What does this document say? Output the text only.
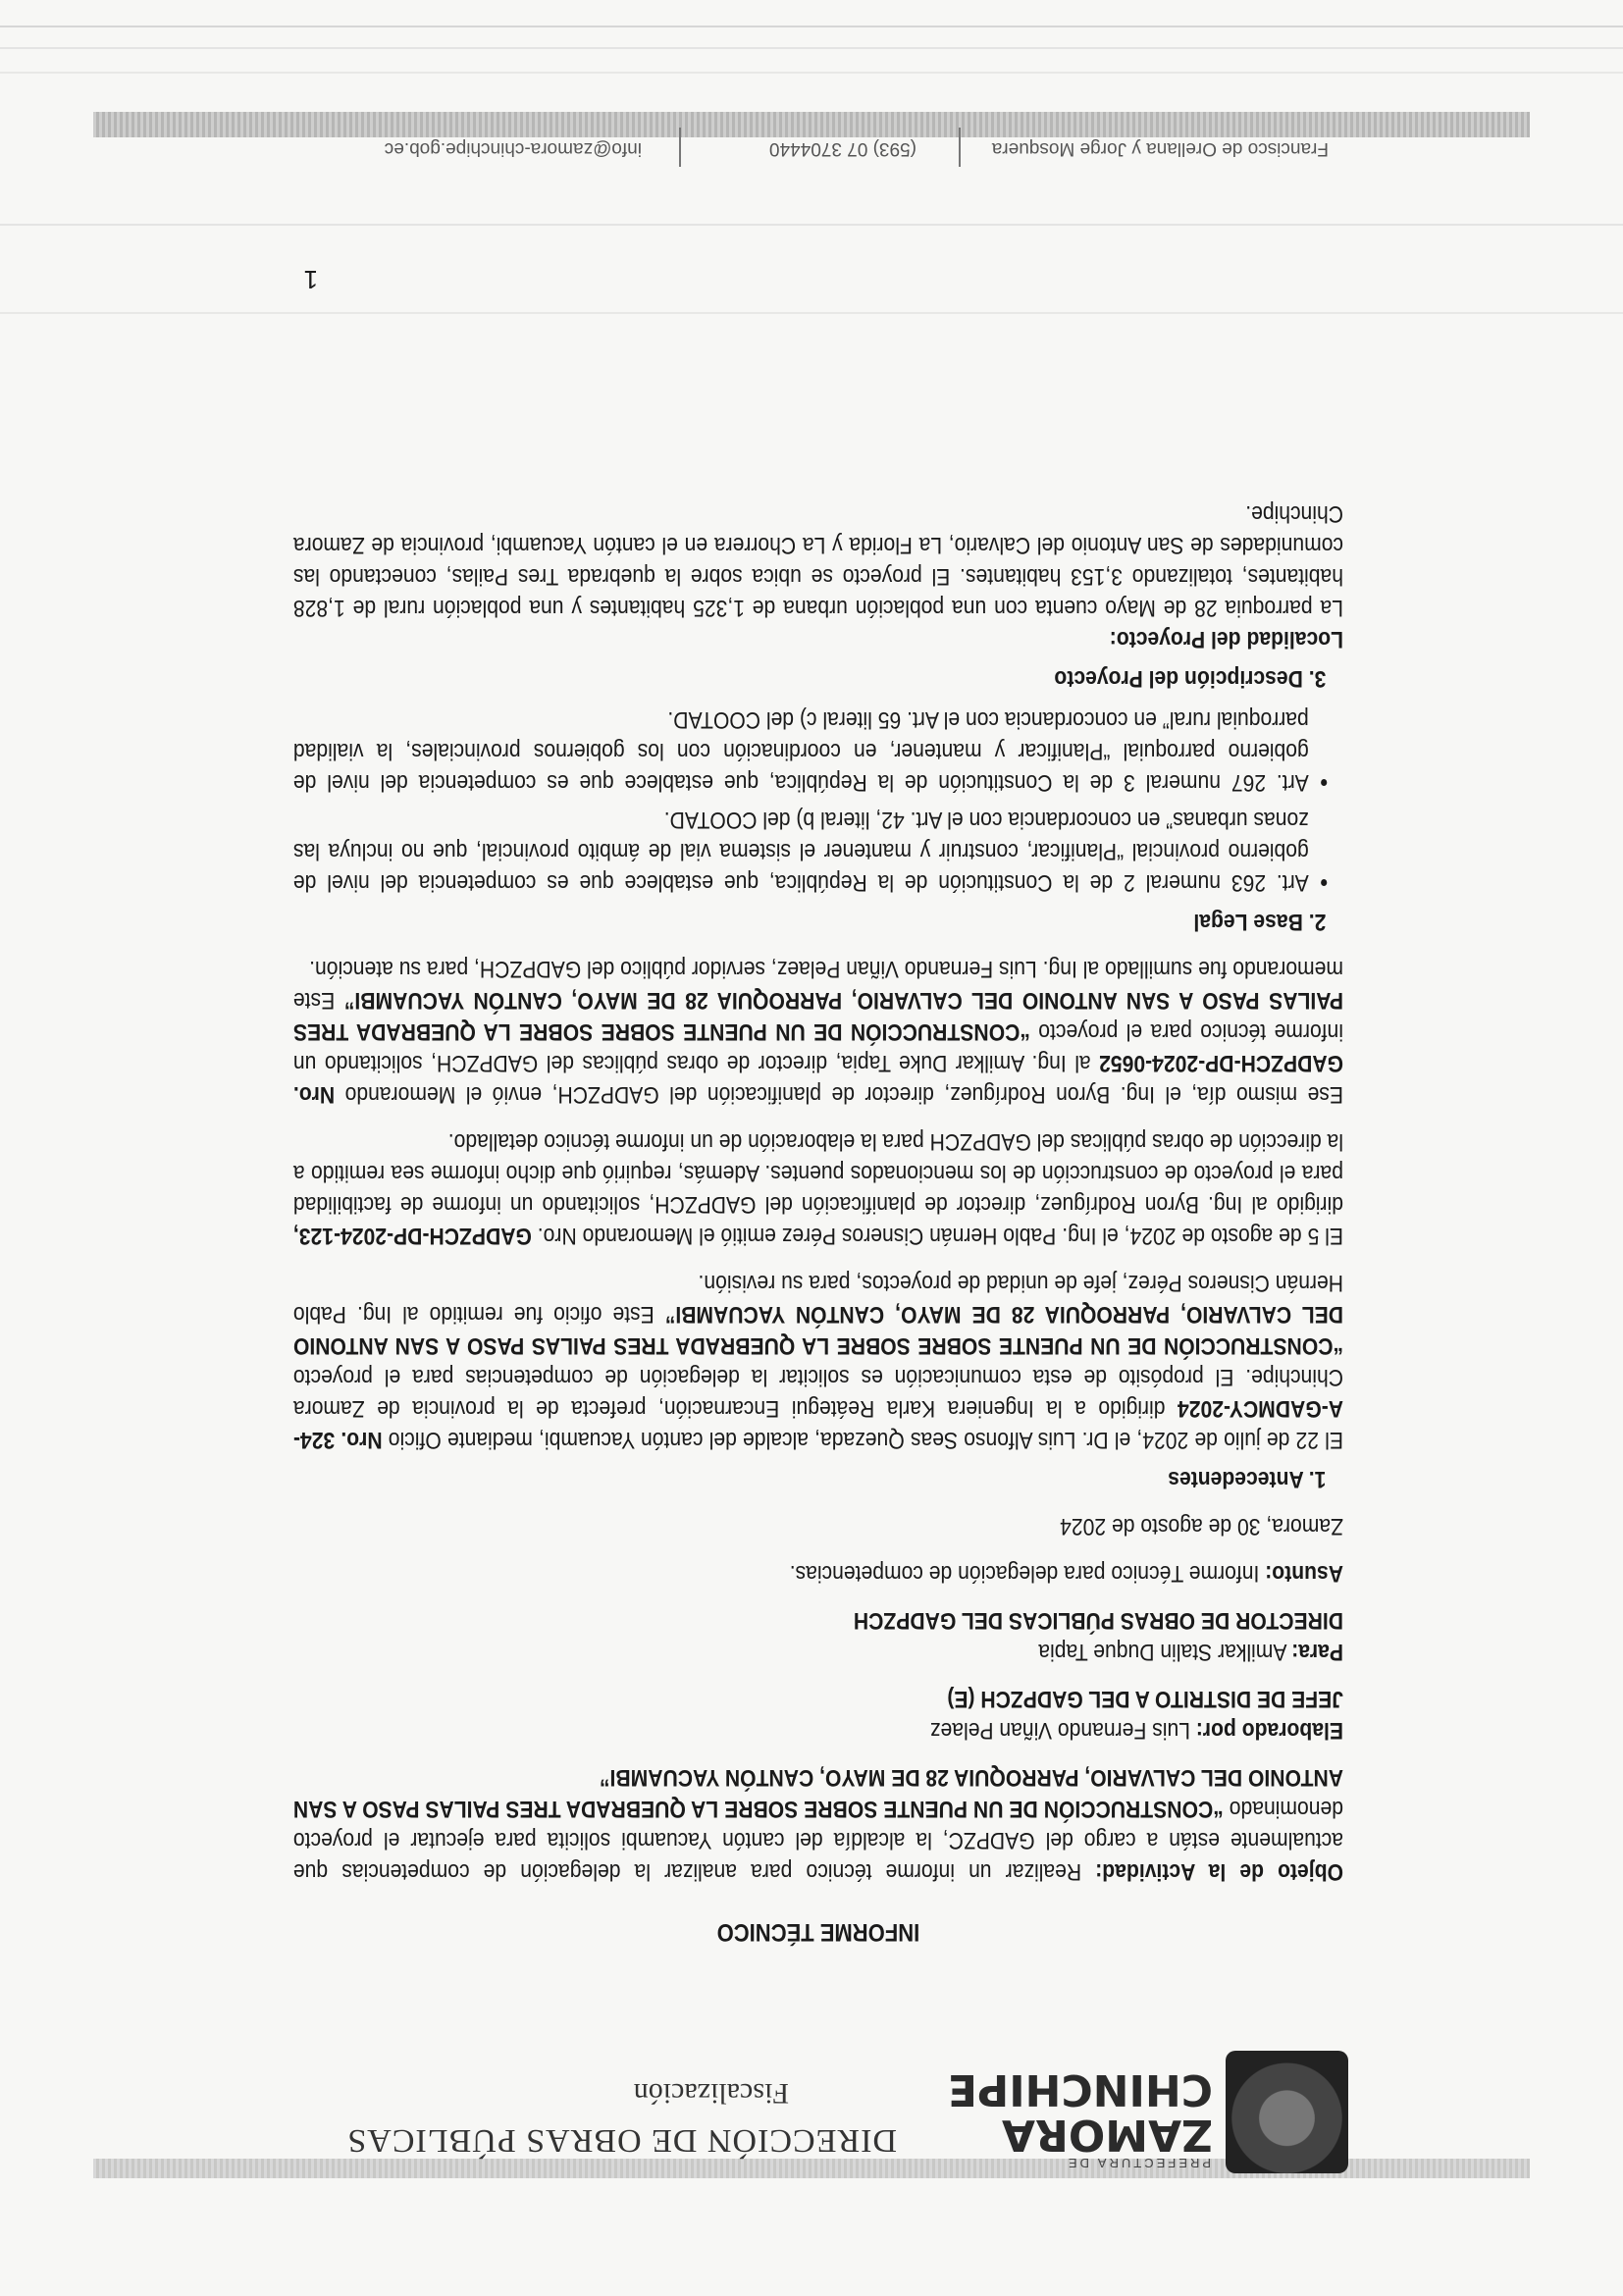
PREFECTURA DE
ZAMORA
CHINCHIPE
DIRECCIÓN DE OBRAS PÚBLICAS
Fiscalización
INFORME TÉCNICO

Objeto de la Actividad: Realizar un informe técnico para analizar la delegación de competencias que actualmente están a cargo del GADPZC, la alcaldía del cantón Yacuambi solicita para ejecutar el proyecto denominado “CONSTRUCCIÓN DE UN PUENTE SOBRE SOBRE LA QUEBRADA TRES PAILAS PASO A SAN ANTONIO DEL CALVARIO, PARROQUIA 28 DE MAYO, CANTÓN YACUAMBI”

Elaborado por: Luis Fernando Viñan Pelaez
JEFE DE DISTRITO A DEL GADPZCH (E)

Para: Amilkar Stalin Duque Tapia
DIRECTOR DE OBRAS PÚBLICAS DEL GADPZCH

Asunto: Informe Técnico para delegación de competencias.

Zamora, 30 de agosto de 2024

1. Antecedentes

El 22 de julio de 2024, el Dr. Luis Alfonso Seas Quezada, alcalde del cantón Yacuambi, mediante Oficio Nro. 324-A-GADMCY-2024 dirigido a la Ingeniera Karla Reátegui Encarnación, prefecta de la provincia de Zamora Chinchipe. El propósito de esta comunicación es solicitar la delegación de competencias para el proyecto “CONSTRUCCIÓN DE UN PUENTE SOBRE SOBRE LA QUEBRADA TRES PAILAS PASO A SAN ANTONIO DEL CALVARIO, PARROQUIA 28 DE MAYO, CANTÓN YACUAMBI” Este oficio fue remitido al Ing. Pablo Hernán Cisneros Pérez, jefe de unidad de proyectos, para su revisión.

El 5 de agosto de 2024, el Ing. Pablo Hernán Cisneros Pérez emitió el Memorando Nro. GADPZCH-DP-2024-123, dirigido al Ing. Byron Rodríguez, director de planificación del GADPZCH, solicitando un informe de factibilidad para el proyecto de construcción de los mencionados puentes. Además, requirió que dicho informe sea remitido a la dirección de obras públicas del GADPZCH para la elaboración de un informe técnico detallado.

Ese mismo día, el Ing. Byron Rodríguez, director de planificación del GADPZCH, envió el Memorando Nro. GADPZCH-DP-2024-0652 al Ing. Amilkar Duke Tapia, director de obras públicas del GADPZCH, solicitando un informe técnico para el proyecto “CONSTRUCCIÓN DE UN PUENTE SOBRE SOBRE LA QUEBRADA TRES PAILAS PASO A SAN ANTONIO DEL CALVARIO, PARROQUIA 28 DE MAYO, CANTÓN YACUAMBI” Este memorando fue sumillado al Ing. Luis Fernando Viñan Pelaez, servidor público del GADPZCH, para su atención.

2. Base Legal
• Art. 263 numeral 2 de la Constitución de la República, que establece que es competencia del nivel de gobierno provincial “Planificar, construir y mantener el sistema vial de ámbito provincial, que no incluya las zonas urbanas” en concordancia con el Art. 42, literal b) del COOTAD.
• Art. 267 numeral 3 de la Constitución de la República, que establece que es competencia del nivel de gobierno parroquial “Planificar y mantener, en coordinación con los gobiernos provinciales, la vialidad parroquial rural” en concordancia con el Art. 65 literal c) del COOTAD.
3. Descripción del Proyecto
Localidad del Proyecto:

La parroquia 28 de Mayo cuenta con una población urbana de 1,325 habitantes y una población rural de 1,828 habitantes, totalizando 3,153 habitantes. El proyecto se ubica sobre la quebrada Tres Pailas, conectando las comunidades de San Antonio del Calvario, La Florida y La Chorrera en el cantón Yacuambi, provincia de Zamora Chinchipe.

1
Francisco de Orellana y Jorge Mosquera
(593) 07 3704440
info@zamora-chinchipe.gob.ec
